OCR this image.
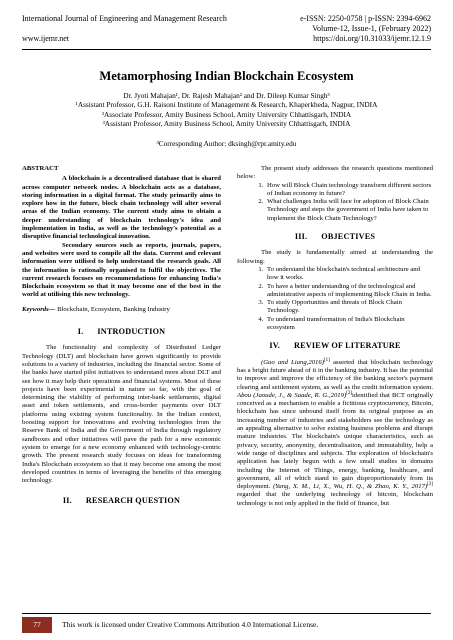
International Journal of Engineering and Management Research	e-ISSN: 2250-0758 | p-ISSN: 2394-6962
Volume-12, Issue-1, (February 2022)
www.ijemr.net	https://doi.org/10.31033/ijemr.12.1.9
Metamorphosing Indian Blockchain Ecosystem
Dr. Jyoti Mahajan¹, Dr. Rajesh Mahajan² and Dr. Dileep Kumar Singh³
¹Assistant Professor, G.H. Raisoni Institute of Management & Research, Khaperkheda, Nagpur, INDIA
²Associate Professor, Amity Business School, Amity University Chhattisgarh, INDIA
³Assistant Professor, Amity Business School, Amity University Chhattisgarh, INDIA
³Corresponding Author: dksingh@rpr.amity.edu
ABSTRACT

A blockchain is a decentralised database that is shared across computer network nodes. A blockchain acts as a database, storing information in a digital format. The study primarily aims to explore how in the future, block chain technology will alter several areas of the Indian economy. The current study aims to obtain a deeper understanding of blockchain technology's idea and implementation in India, as well as the technology's potential as a disruptive financial technological innovation.

Secondary sources such as reports, journals, papers, and websites were used to compile all the data. Current and relevant information were utilised to help understand the research goals. All the information is rationally organised to fulfil the objectives. The current research focuses on recommendations for enhancing India's Blockchain ecosystem so that it may become one of the best in the world at utilising this new technology.

Keywords— Blockchain, Ecosystem, Banking Industry

I. INTRODUCTION

The functionality and complexity of Distributed Ledger Technology (DLT) and blockchain have grown significantly to provide solutions to a variety of industries, including the financial sector. Some of the banks have started pilot initiatives to understand more about DLT and see how it may help their operations and financial systems. Most of these projects have been experimental in nature so far, with the goal of determining the viability of performing inter-bank settlements, digital asset and token settlements, and cross-border payments over DLT platforms using existing system functionality. In the Indian context, boosting support for innovations and evolving technologies from the Reserve Bank of India and the Government of India through regulatory sandboxes and other initiatives will pave the path for a new economic system to emerge for a new economy enhanced with technology-centric growth. The present research study focuses on ideas for transforming India's Blockchain ecosystem so that it may become one among the most developed countries in terms of leveraging the benefits of this emerging technology.

II. RESEARCH QUESTION

The present study addresses the research questions mentioned below:

1. How will Block Chain technology transform different sectors of Indian economy in future?
2. What challenges India will face for adoption of Block Chain Technology and steps the government of India have taken to implement the Block Chain Technology?
III. OBJECTIVES

The study is fundamentally aimed at understanding the following:

1. To understand the blockchain's technical architecture and how it works.
2. To have a better understanding of the technological and administrative aspects of implementing Block Chain in India.
3. To study Opportunities and threats of Block Chain Technology.
4. To understand transformation of India's Blockchain ecosystem
IV. REVIEW OF LITERATURE

(Guo and Liang,2016)[1] asserted that blockchain technology has a bright future ahead of it in the banking industry. It has the potential to improve and improve the efficiency of the banking sector's payment clearing and settlement system, as well as the credit information system. Abou (Jaoude, J., & Saade, R. G.,2019)[2]identified that BCT originally conceived as a mechanism to enable a fictitious cryptocurrency, Bitcoin, blockchain has since unbound itself from its original purpose as an increasing number of industries and stakeholders see the technology as an appealing alternative to solve existing business problems and disrupt mature industries. The blockchain's unique characteristics, such as privacy, security, anonymity, decentralisation, and immutability, help a wide range of disciplines and subjects. The exploration of blockchain's application has lately begun with a few small studies in domains including the Internet of Things, energy, banking, healthcare, and government, all of which stand to gain disproportionately from its deployment. (Yang, X. M., Li, X., Wu, H. Q., & Zhao, K. Y., 2017)[3] regarded that the underlying technology of bitcoin, blockchain technology is not only applied in the field of finance, but

77	This work is licensed under Creative Commons Attribution 4.0 International License.
